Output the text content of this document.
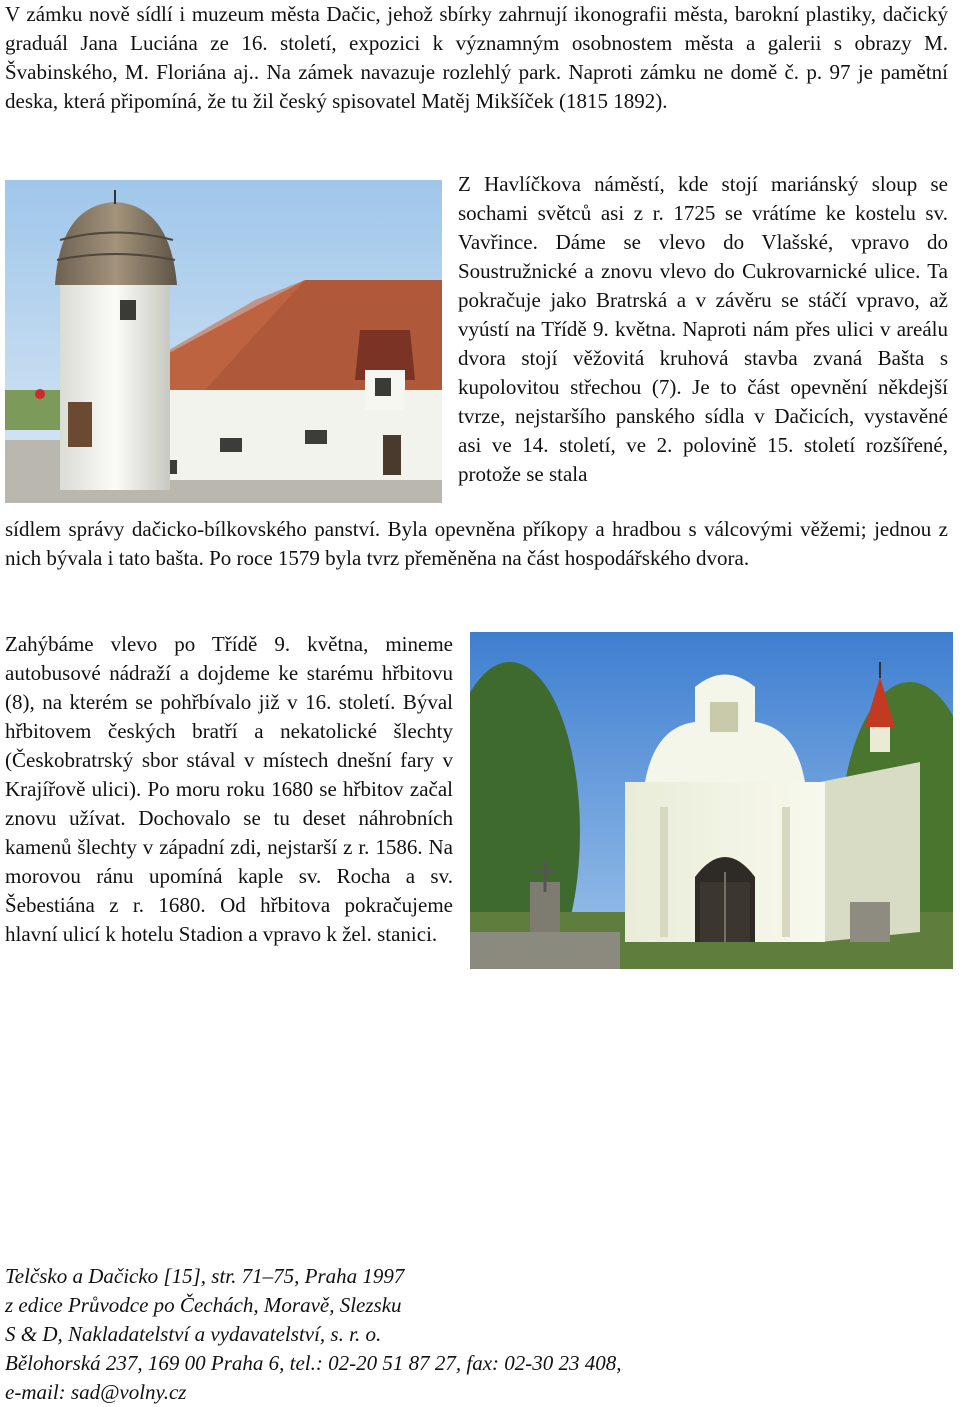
V zámku nově sídlí i muzeum města Dačic, jehož sbírky zahrnují ikonografii města, barokní plastiky, dačický graduál Jana Luciána ze 16. století, expozici k významným osobnostem města a galerii s obrazy M. Švabinského, M. Floriána aj.. Na zámek navazuje rozlehlý park. Naproti zámku ne domě č. p. 97 je pamětní deska, která připomíná, že tu žil český spisovatel Matěj Mikšíček (1815 1892).

Z Havlíčkova náměstí, kde stojí mariánský sloup se sochami světců asi z r. 1725 se vrátíme ke kostelu sv. Vavřince. Dáme se vlevo do Vlašské, vpravo do Soustružnické a znovu vlevo do Cukrovarnické ulice. Ta pokračuje jako Bratrská a v závěru se stáčí vpravo, až vyústí na Třídě 9. května. Naproti nám přes ulici v areálu dvora stojí věžovitá kruhová stavba zvaná Bašta s kupolovitou střechou (7). Je to část opevnění někdejší tvrze, nejstaršího panského sídla v Dačicích, vystavěné asi ve 14. století, ve 2. polovině 15. století rozšířené, protože se stala

sídlem správy dačicko-bílkovského panství. Byla opevněna příkopy a hradbou s válcovými věžemi; jednou z nich bývala i tato bašta. Po roce 1579 byla tvrz přeměněna na část hospodářského dvora.

Zahýbáme vlevo po Třídě 9. května, mineme autobusové nádraží a dojdeme ke starému hřbitovu (8), na kterém se pohřbívalo již v 16. století. Býval hřbitovem českých bratří a nekatolické šlechty (Českobratrský sbor stával v místech dnešní fary v Krajířově ulici). Po moru roku 1680 se hřbitov začal znovu užívat. Dochovalo se tu deset náhrobních kamenů šlechty v západní zdi, nejstarší z r. 1586. Na morovou ránu upomíná kaple sv. Rocha a sv. Šebestiána z r. 1680. Od hřbitova pokračujeme hlavní ulicí k hotelu Stadion a vpravo k žel. stanici.

Telčsko a Dačicko [15], str. 71–75, Praha 1997
z edice Průvodce po Čechách, Moravě, Slezsku
S & D, Nakladatelství a vydavatelství, s. r. o.
Bělohorská 237, 169 00 Praha 6, tel.: 02-20 51 87 27, fax: 02-30 23 408,
e-mail: sad@volny.cz
